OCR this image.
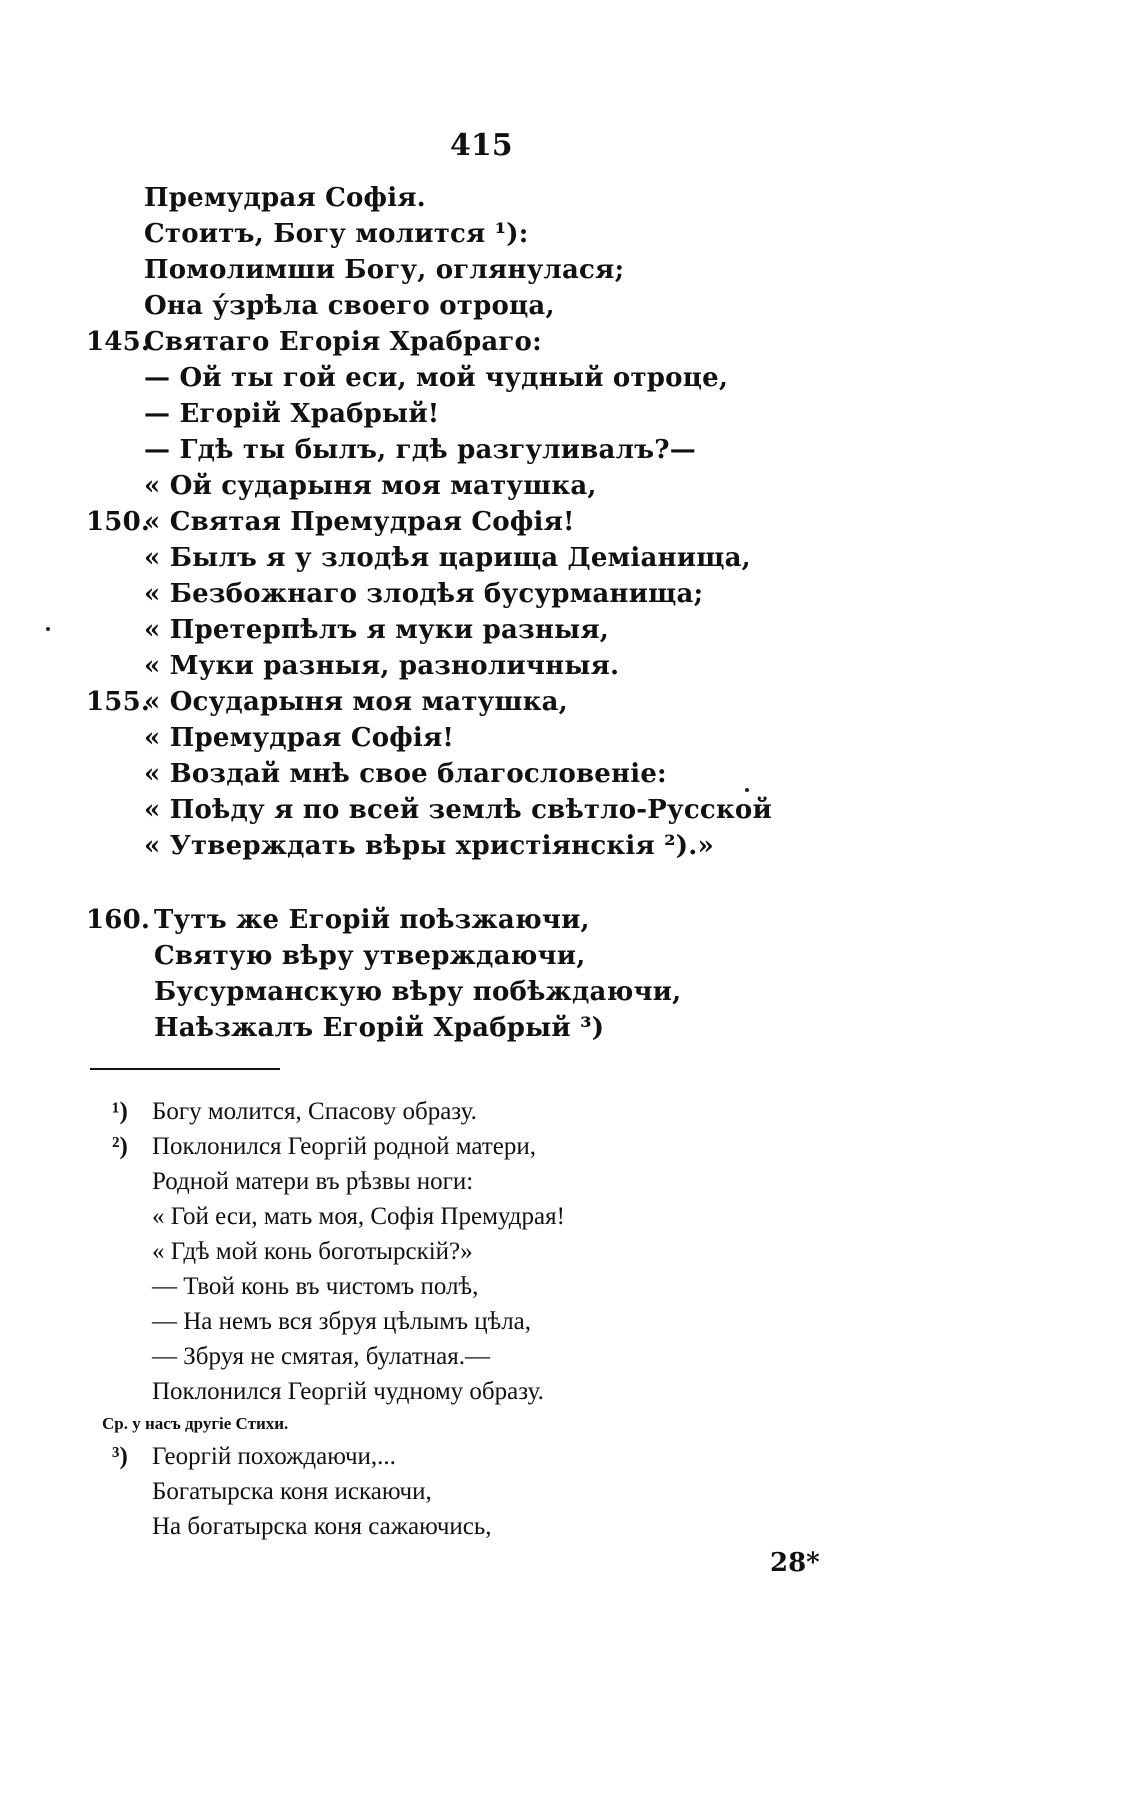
415
Премудрая Софія.
Стоитъ, Богу молится ¹):
Помолимши Богу, оглянулася;
Она у́зрѣла своего отроца,
145.
Святаго Егорія Храбраго:
— Ой ты гой еси, мой чудный отроце,
— Егорій Храбрый!
— Гдѣ ты былъ, гдѣ разгуливалъ?—
« Ой сударыня моя матушка,
150.
« Святая Премудрая Софія!
« Былъ я у злодѣя царища Деміанища,
« Безбожнаго злодѣя бусурманища;
« Претерпѣлъ я муки разныя,
« Муки разныя, разноличныя.
155.
« Осударыня моя матушка,
« Премудрая Софія!
« Воздай мнѣ свое благословеніе:
« Поѣду я по всей землѣ свѣтло-Русской
« Утверждать вѣры христіянскія ²).»
160. Тутъ же Егорій поѣзжаючи,
Святую вѣру утверждаючи,
Бусурманскую вѣру побѣждаючи,
Наѣзжалъ Егорій Храбрый ³)
¹) Богу молится, Спасову образу.
²) Поклонился Георгій родной матери,
Родной матери въ рѣзвы ноги:
« Гой еси, мать моя, Софія Премудрая!
« Гдѣ мой конь боготырскій?»
— Твой конь въ чистомъ полѣ,
— На немъ вся збруя цѣлымъ цѣла,
— Збруя не смятая, булатная.—
Поклонился Георгій чудному образу.
Ср. у насъ другіе Стихи.
³) Георгій похождаючи,...
Богатырска коня искаючи,
На богатырска коня сажаючись,
28*
